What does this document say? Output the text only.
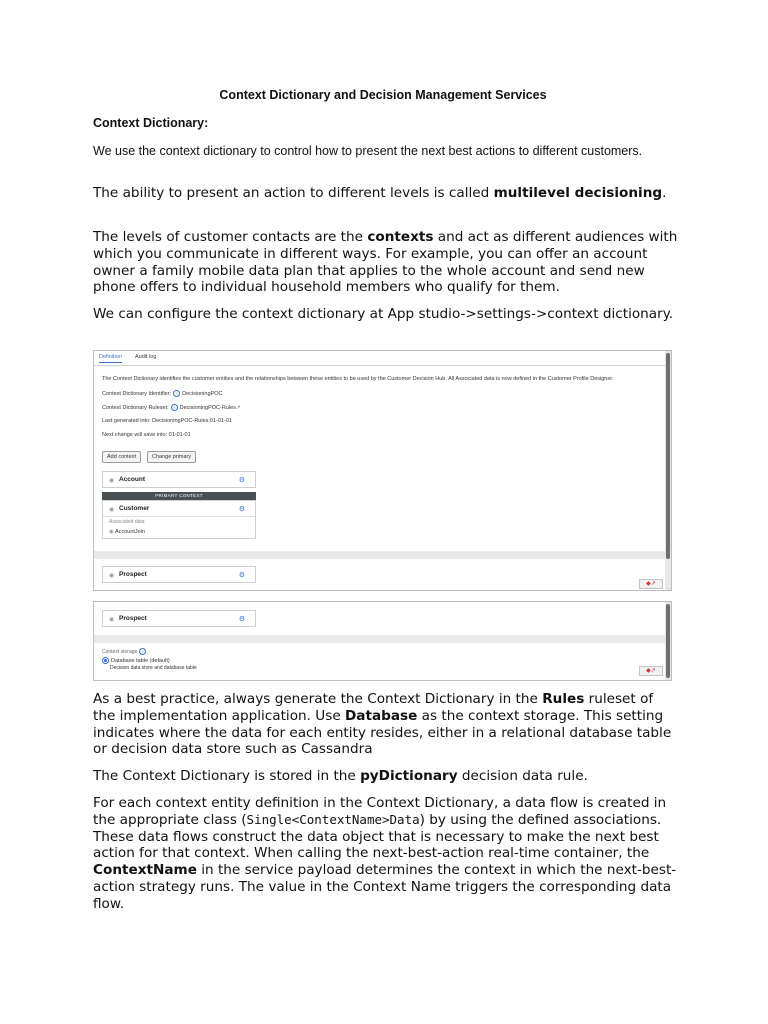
Context Dictionary and Decision Management Services
Context Dictionary:
We use the context dictionary to control how to present the next best actions to different customers.
The ability to present an action to different levels is called multilevel decisioning.
The levels of customer contacts are the contexts and act as different audiences with which you communicate in different ways. For example, you can offer an account owner a family mobile data plan that applies to the whole account and send new phone offers to individual household members who qualify for them.
We can configure the context dictionary at App studio->settings->context dictionary.
Definition Audit log
The Context Dictionary identifies the customer entities and the relationships between these entities to be used by the Customer Decision Hub. All Associated data is now defined in the Customer Profile Designer.
Context Dictionary Identifier: ? DecisioningPOC
Context Dictionary Ruleset: ? DecisioningPOC-Rules↗
Last generated into: DecisioningPOC-Rules:01-01-01
Next change will save into: 01-01-01
Add context	Change primary
◉ Account	⚙
PRIMARY CONTEXT
◉ Customer	⚙
Associated data
◉ AccountJoin
◉ Prospect	⚙
◆↗
◉ Prospect	⚙
Context storage ?
Database table (default)
Decision data store and database table	◆↗
As a best practice, always generate the Context Dictionary in the Rules ruleset of the implementation application. Use Database as the context storage. This setting indicates where the data for each entity resides, either in a relational database table or decision data store such as Cassandra
The Context Dictionary is stored in the pyDictionary decision data rule.
For each context entity definition in the Context Dictionary, a data flow is created in the appropriate class (Single<ContextName>Data) by using the defined associations. These data flows construct the data object that is necessary to make the next best action for that context. When calling the next-best-action real-time container, the ContextName in the service payload determines the context in which the next-best-action strategy runs. The value in the Context Name triggers the corresponding data flow.
